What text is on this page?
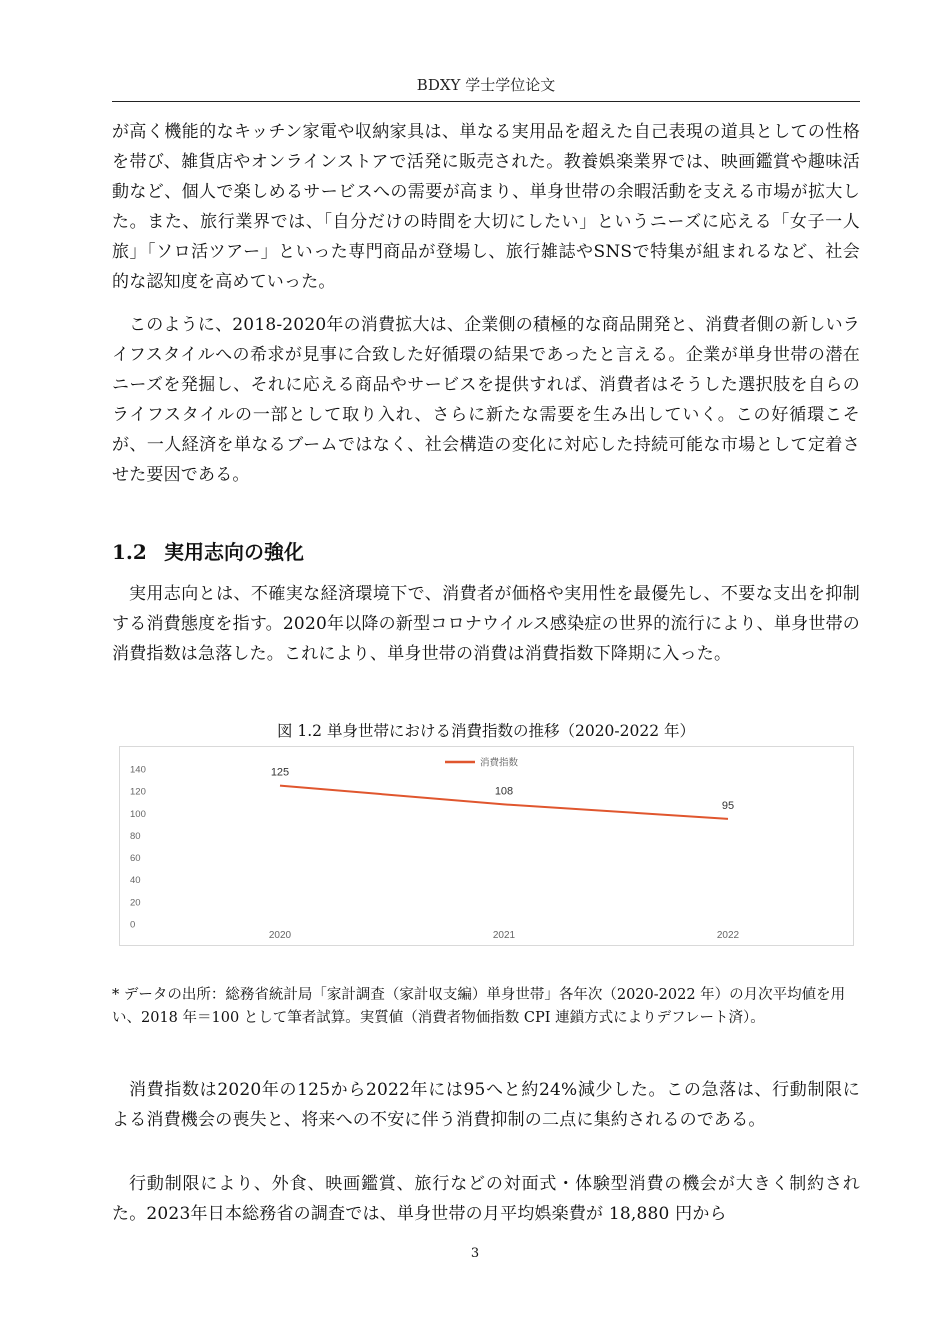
BDXY 学士学位论文

が高く機能的なキッチン家電や収納家具は、単なる実用品を超えた自己表現の道具としての性格を帯び、雑貨店やオンラインストアで活発に販売された。教養娯楽業界では、映画鑑賞や趣味活動など、個人で楽しめるサービスへの需要が高まり、単身世帯の余暇活動を支える市場が拡大した。また、旅行業界では、「自分だけの時間を大切にしたい」というニーズに応える「女子一人旅」「ソロ活ツアー」といった専門商品が登場し、旅行雑誌やSNSで特集が組まれるなど、社会的な認知度を高めていった。

このように、2018-2020年の消費拡大は、企業側の積極的な商品開発と、消費者側の新しいライフスタイルへの希求が見事に合致した好循環の結果であったと言える。企業が単身世帯の潜在ニーズを発掘し、それに応える商品やサービスを提供すれば、消費者はそうした選択肢を自らのライフスタイルの一部として取り入れ、さらに新たな需要を生み出していく。この好循環こそが、一人経済を単なるブームではなく、社会構造の変化に対応した持続可能な市場として定着させた要因である。

1.2 実用志向の強化

実用志向とは、不確実な経済環境下で、消費者が価格や実用性を最優先し、不要な支出を抑制する消費態度を指す。2020年以降の新型コロナウイルス感染症の世界的流行により、単身世帯の消費指数は急落した。これにより、単身世帯の消費は消費指数下降期に入った。

図 1.2 単身世帯における消費指数の推移（2020-2022 年）
0
20
40
60
80
100
120
140
2020	2021	2022
消費指数
125
108
95

* データの出所：総務省統計局「家計調査（家計収支編）単身世帯」各年次（2020-2022 年）の月次平均値を用い、2018 年＝100 として筆者試算。実質値（消費者物価指数 CPI 連鎖方式によりデフレート済）。

消費指数は2020年の125から2022年には95へと約24%減少した。この急落は、行動制限による消費機会の喪失と、将来への不安に伴う消費抑制の二点に集約されるのである。

行動制限により、外食、映画鑑賞、旅行などの対面式・体験型消費の機会が大きく制約された。2023年日本総務省の調査では、単身世帯の月平均娯楽費が 18,880 円から

3
